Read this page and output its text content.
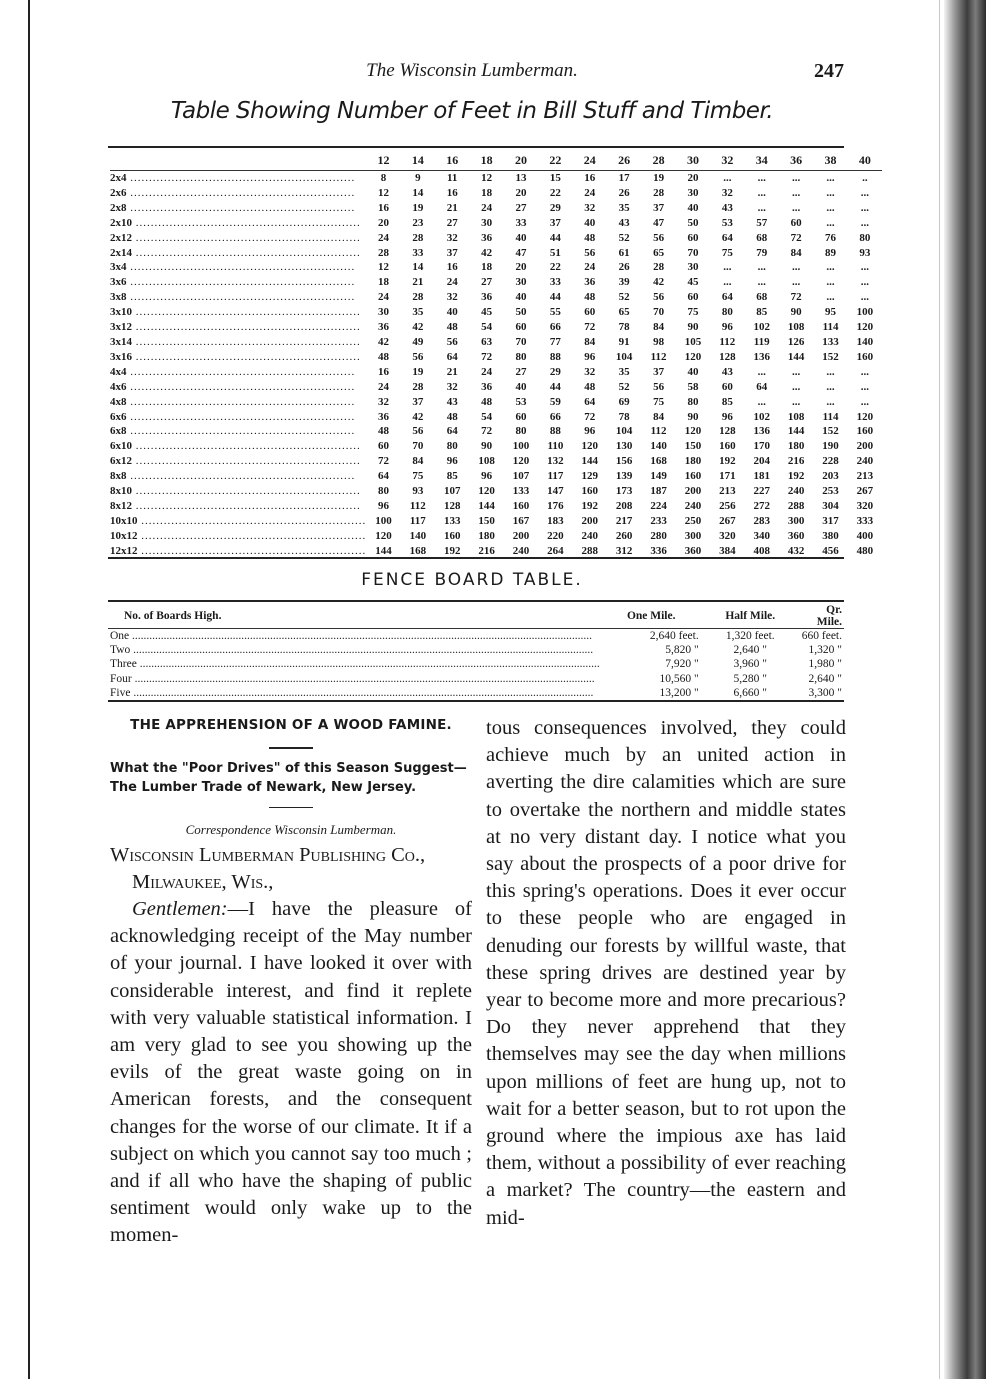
The Wisconsin Lumberman.	247
Table Showing Number of Feet in Bill Stuff and Timber.
	12	14	16	18	20	22	24	26	28	30	32	34	36	38	40
2x4 ............................................................	8	9	11	12	13	15	16	17	19	20	...	...	...	...	..
2x6 ............................................................	12	14	16	18	20	22	24	26	28	30	32	...	...	...	...
2x8 ............................................................	16	19	21	24	27	29	32	35	37	40	43	...	...	...	...
2x10 ............................................................	20	23	27	30	33	37	40	43	47	50	53	57	60	...	...
2x12 ............................................................	24	28	32	36	40	44	48	52	56	60	64	68	72	76	80
2x14 ............................................................	28	33	37	42	47	51	56	61	65	70	75	79	84	89	93
3x4 ............................................................	12	14	16	18	20	22	24	26	28	30	...	...	...	...	...
3x6 ............................................................	18	21	24	27	30	33	36	39	42	45	...	...	...	...	...
3x8 ............................................................	24	28	32	36	40	44	48	52	56	60	64	68	72	...	...
3x10 ............................................................	30	35	40	45	50	55	60	65	70	75	80	85	90	95	100
3x12 ............................................................	36	42	48	54	60	66	72	78	84	90	96	102	108	114	120
3x14 ............................................................	42	49	56	63	70	77	84	91	98	105	112	119	126	133	140
3x16 ............................................................	48	56	64	72	80	88	96	104	112	120	128	136	144	152	160
4x4 ............................................................	16	19	21	24	27	29	32	35	37	40	43	...	...	...	...
4x6 ............................................................	24	28	32	36	40	44	48	52	56	58	60	64	...	...	...
4x8 ............................................................	32	37	43	48	53	59	64	69	75	80	85	...	...	...	...
6x6 ............................................................	36	42	48	54	60	66	72	78	84	90	96	102	108	114	120
6x8 ............................................................	48	56	64	72	80	88	96	104	112	120	128	136	144	152	160
6x10 ............................................................	60	70	80	90	100	110	120	130	140	150	160	170	180	190	200
6x12 ............................................................	72	84	96	108	120	132	144	156	168	180	192	204	216	228	240
8x8 ............................................................	64	75	85	96	107	117	129	139	149	160	171	181	192	203	213
8x10 ............................................................	80	93	107	120	133	147	160	173	187	200	213	227	240	253	267
8x12 ............................................................	96	112	128	144	160	176	192	208	224	240	256	272	288	304	320
10x10 ............................................................	100	117	133	150	167	183	200	217	233	250	267	283	300	317	333
10x12 ............................................................	120	140	160	180	200	220	240	260	280	300	320	340	360	380	400
12x12 ............................................................	144	168	192	216	240	264	288	312	336	360	384	408	432	456	480
FENCE BOARD TABLE.
No. of Boards High.	One Mile.	Half Mile.	Qr. Mile.
One ................................................................................................................................................................	2,640 feet.	1,320 feet.	660 feet.
Two ................................................................................................................................................................	5,820 "	2,640 "	1,320 "
Three ................................................................................................................................................................	7,920 "	3,960 "	1,980 "
Four ................................................................................................................................................................	10,560 "	5,280 "	2,640 "
Five ................................................................................................................................................................	13,200 "	6,660 "	3,300 "
THE APPREHENSION OF A WOOD FAMINE.
What the "Poor Drives" of this Season Suggest—The Lumber Trade of Newark, New Jersey.
Correspondence Wisconsin Lumberman.
Wisconsin Lumberman Publishing Co.,
Milwaukee, Wis.,
Gentlemen:—I have the pleasure of acknowledging receipt of the May number of your journal. I have looked it over with considerable interest, and find it replete with very valuable statistical information. I am very glad to see you showing up the evils of the great waste going on in American forests, and the consequent changes for the worse of our climate. It if a subject on which you cannot say too much ; and if all who have the shaping of public sentiment would only wake up to the momen-
tous consequences involved, they could achieve much by an united action in averting the dire calamities which are sure to overtake the northern and middle states at no very distant day. I notice what you say about the prospects of a poor drive for this spring's operations. Does it ever occur to these people who are engaged in denuding our forests by willful waste, that these spring drives are destined year by year to become more and more precarious? Do they never apprehend that they themselves may see the day when millions upon millions of feet are hung up, not to wait for a better season, but to rot upon the ground where the impious axe has laid them, without a possibility of ever reaching a market? The country—the eastern and mid-
